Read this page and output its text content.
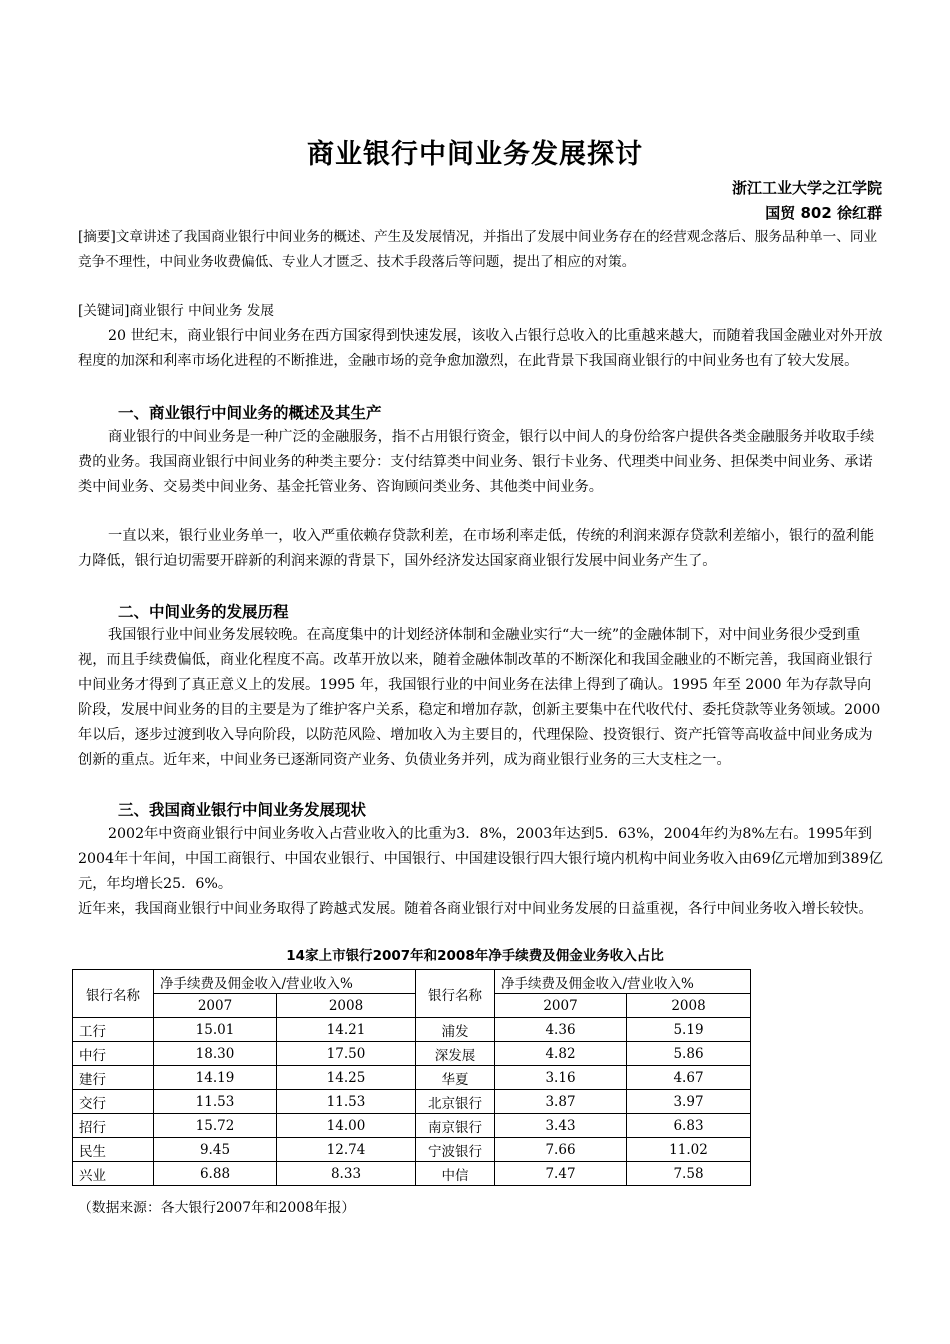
商业银行中间业务发展探讨
浙江工业大学之江学院
国贸 802 徐红群
[摘要]文章讲述了我国商业银行中间业务的概述、产生及发展情况，并指出了发展中间业务存在的经营观念落后、服务品种单一、同业竞争不理性，中间业务收费偏低、专业人才匮乏、技术手段落后等问题，提出了相应的对策。
[关键词]商业银行 中间业务 发展
20 世纪末，商业银行中间业务在西方国家得到快速发展，该收入占银行总收入的比重越来越大，而随着我国金融业对外开放程度的加深和利率市场化进程的不断推进，金融市场的竞争愈加激烈，在此背景下我国商业银行的中间业务也有了较大发展。
一、商业银行中间业务的概述及其生产
商业银行的中间业务是一种广泛的金融服务，指不占用银行资金，银行以中间人的身份给客户提供各类金融服务并收取手续费的业务。我国商业银行中间业务的种类主要分：支付结算类中间业务、银行卡业务、代理类中间业务、担保类中间业务、承诺类中间业务、交易类中间业务、基金托管业务、咨询顾问类业务、其他类中间业务。
一直以来，银行业业务单一，收入严重依赖存贷款利差，在市场利率走低，传统的利润来源存贷款利差缩小，银行的盈利能力降低，银行迫切需要开辟新的利润来源的背景下，国外经济发达国家商业银行发展中间业务产生了。
二、中间业务的发展历程
我国银行业中间业务发展较晚。在高度集中的计划经济体制和金融业实行“大一统”的金融体制下，对中间业务很少受到重视，而且手续费偏低，商业化程度不高。改革开放以来，随着金融体制改革的不断深化和我国金融业的不断完善，我国商业银行中间业务才得到了真正意义上的发展。1995 年，我国银行业的中间业务在法律上得到了确认。1995 年至 2000 年为存款导向阶段，发展中间业务的目的主要是为了维护客户关系，稳定和增加存款，创新主要集中在代收代付、委托贷款等业务领域。2000 年以后，逐步过渡到收入导向阶段，以防范风险、增加收入为主要目的，代理保险、投资银行、资产托管等高收益中间业务成为创新的重点。近年来，中间业务已逐渐同资产业务、负债业务并列，成为商业银行业务的三大支柱之一。
三、我国商业银行中间业务发展现状
2002年中资商业银行中间业务收入占营业收入的比重为3．8%，2003年达到5．63%，2004年约为8%左右。1995年到2004年十年间，中国工商银行、中国农业银行、中国银行、中国建设银行四大银行境内机构中间业务收入由69亿元增加到389亿元，年均增长25．6%。
近年来，我国商业银行中间业务取得了跨越式发展。随着各商业银行对中间业务发展的日益重视，各行中间业务收入增长较快。
14家上市银行2007年和2008年净手续费及佣金业务收入占比
银行名称	净手续费及佣金收入/营业收入%		银行名称	净手续费及佣金收入/营业收入%	
	2007	2008		2007	2008
工行	15.01	14.21	浦发	4.36	5.19
中行	18.30	17.50	深发展	4.82	5.86
建行	14.19	14.25	华夏	3.16	4.67
交行	11.53	11.53	北京银行	3.87	3.97
招行	15.72	14.00	南京银行	3.43	6.83
民生	9.45	12.74	宁波银行	7.66	11.02
兴业	6.88	8.33	中信	7.47	7.58
（数据来源：各大银行2007年和2008年报）
